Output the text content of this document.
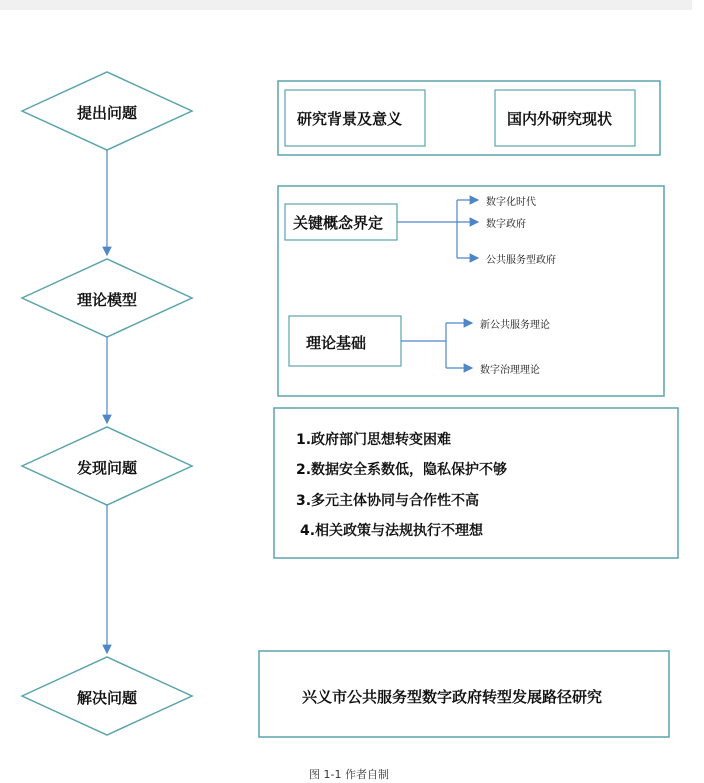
提出问题
理论模型
发现问题
解决问题
研究背景及意义	国内外研究现状
关键概念界定
数字化时代
数字政府
公共服务型政府
理论基础
新公共服务理论
数字治理理论
1.政府部门思想转变困难
2.数据安全系数低，隐私保护不够
3.多元主体协同与合作性不高
4.相关政策与法规执行不理想
兴义市公共服务型数字政府转型发展路径研究
图 1-1 作者自制
